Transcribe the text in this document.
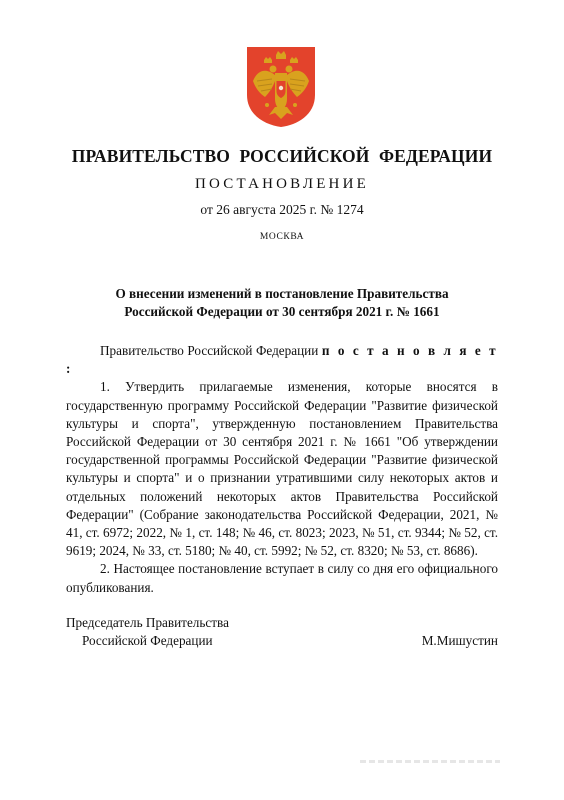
ПРАВИТЕЛЬСТВО РОССИЙСКОЙ ФЕДЕРАЦИИ
ПОСТАНОВЛЕНИЕ
от 26 августа 2025 г. № 1274
МОСКВА
О внесении изменений в постановление Правительства
Российской Федерации от 30 сентября 2021 г. № 1661

Правительство Российской Федерации п о с т а н о в л я е т :

1. Утвердить прилагаемые изменения, которые вносятся в государственную программу Российской Федерации "Развитие физической культуры и спорта", утвержденную постановлением Правительства Российской Федерации от 30 сентября 2021 г. № 1661 "Об утверждении государственной программы Российской Федерации "Развитие физической культуры и спорта" и о признании утратившими силу некоторых актов и отдельных положений некоторых актов Правительства Российской Федерации" (Собрание законодательства Российской Федерации, 2021, № 41, ст. 6972; 2022, № 1, ст. 148; № 46, ст. 8023; 2023, № 51, ст. 9344; № 52, ст. 9619; 2024, № 33, ст. 5180; № 40, ст. 5992; № 52, ст. 8320; № 53, ст. 8686).

2. Настоящее постановление вступает в силу со дня его официального опубликования.

Председатель Правительства
Российской Федерации	М.Мишустин
